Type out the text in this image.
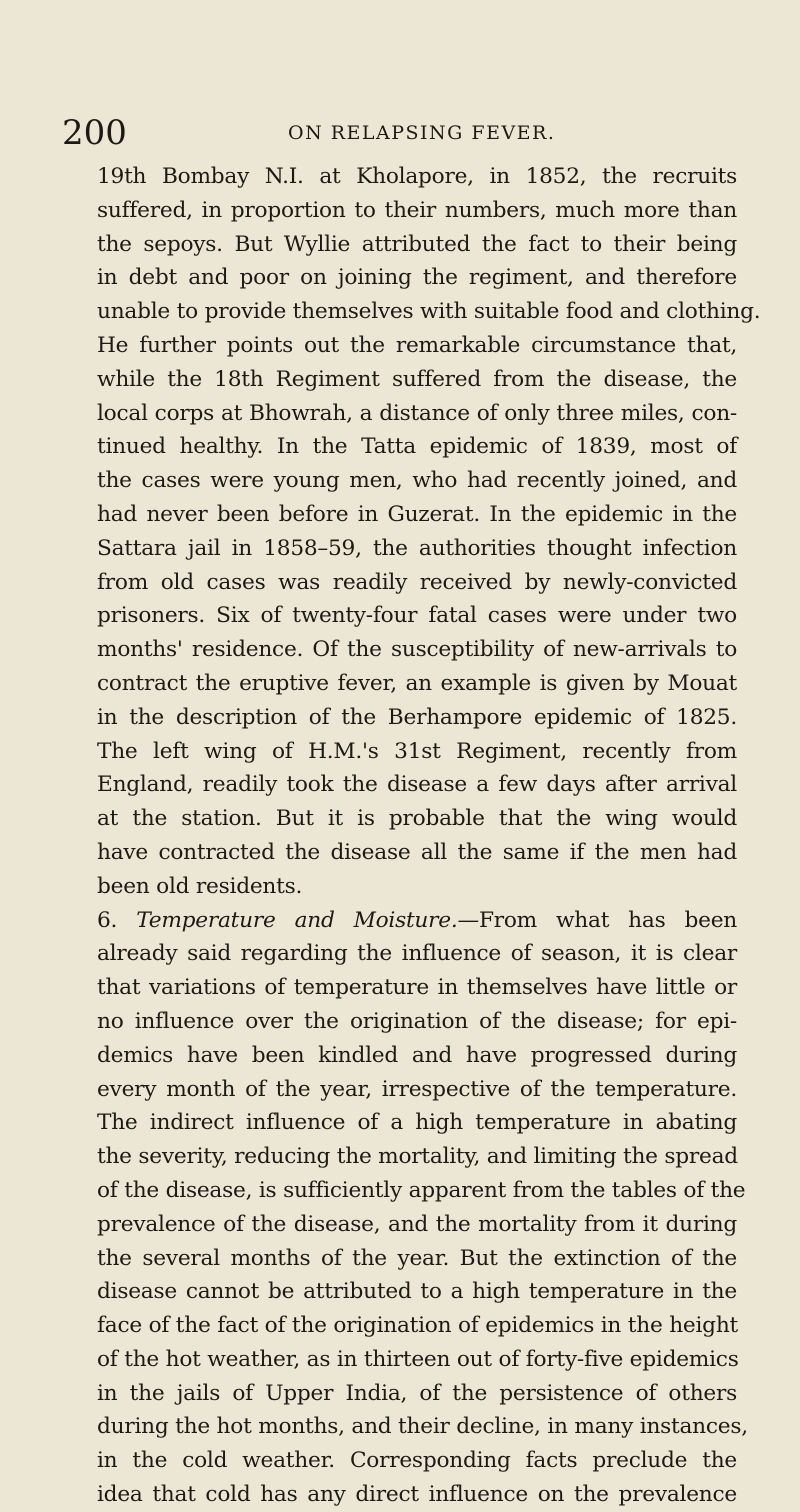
200	ON RELAPSING FEVER.
19th Bombay N.I. at Kholapore, in 1852, the recruits
suffered, in proportion to their numbers, much more than
the sepoys. But Wyllie attributed the fact to their being
in debt and poor on joining the regiment, and therefore
unable to provide themselves with suitable food and clothing.
He further points out the remarkable circumstance that,
while the 18th Regiment suffered from the disease, the
local corps at Bhowrah, a distance of only three miles, con-
tinued healthy. In the Tatta epidemic of 1839, most of
the cases were young men, who had recently joined, and
had never been before in Guzerat. In the epidemic in the
Sattara jail in 1858–59, the authorities thought infection
from old cases was readily received by newly-convicted
prisoners. Six of twenty-four fatal cases were under two
months' residence. Of the susceptibility of new-arrivals to
contract the eruptive fever, an example is given by Mouat
in the description of the Berhampore epidemic of 1825.
The left wing of H.M.'s 31st Regiment, recently from
England, readily took the disease a few days after arrival
at the station. But it is probable that the wing would
have contracted the disease all the same if the men had
been old residents.
6. Temperature and Moisture.—From what has been
already said regarding the influence of season, it is clear
that variations of temperature in themselves have little or
no influence over the origination of the disease; for epi-
demics have been kindled and have progressed during
every month of the year, irrespective of the temperature.
The indirect influence of a high temperature in abating
the severity, reducing the mortality, and limiting the spread
of the disease, is sufficiently apparent from the tables of the
prevalence of the disease, and the mortality from it during
the several months of the year. But the extinction of the
disease cannot be attributed to a high temperature in the
face of the fact of the origination of epidemics in the height
of the hot weather, as in thirteen out of forty-five epidemics
in the jails of Upper India, of the persistence of others
during the hot months, and their decline, in many instances,
in the cold weather. Corresponding facts preclude the
idea that cold has any direct influence on the prevalence
